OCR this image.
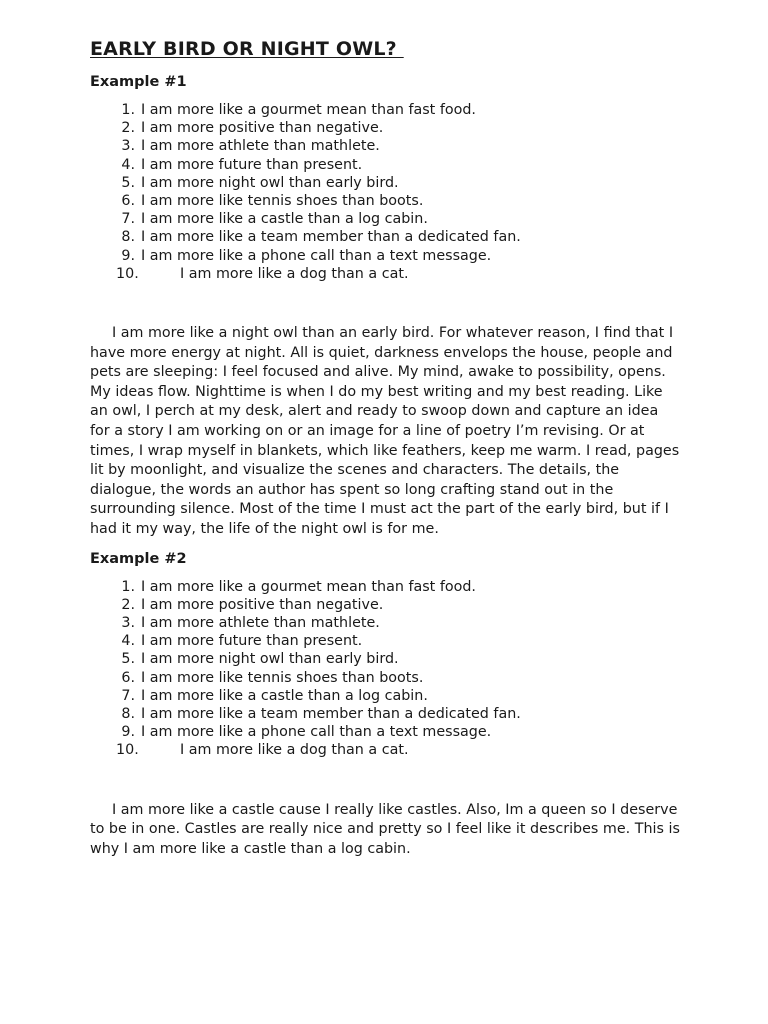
EARLY BIRD OR NIGHT OWL?
Example #1
1. I am more like a gourmet mean than fast food.
2. I am more positive than negative.
3. I am more athlete than mathlete.
4. I am more future than present.
5. I am more night owl than early bird.
6. I am more like tennis shoes than boots.
7. I am more like a castle than a log cabin.
8. I am more like a team member than a dedicated fan.
9. I am more like a phone call than a text message.
10.	I am more like a dog than a cat.

I am more like a night owl than an early bird. For whatever reason, I find that I have more energy at night. All is quiet, darkness envelops the house, people and pets are sleeping: I feel focused and alive. My mind, awake to possibility, opens. My ideas flow. Nighttime is when I do my best writing and my best reading. Like an owl, I perch at my desk, alert and ready to swoop down and capture an idea for a story I am working on or an image for a line of poetry I’m revising. Or at times, I wrap myself in blankets, which like feathers, keep me warm. I read, pages lit by moonlight, and visualize the scenes and characters. The details, the dialogue, the words an author has spent so long crafting stand out in the surrounding silence. Most of the time I must act the part of the early bird, but if I had it my way, the life of the night owl is for me.

Example #2
1. I am more like a gourmet mean than fast food.
2. I am more positive than negative.
3. I am more athlete than mathlete.
4. I am more future than present.
5. I am more night owl than early bird.
6. I am more like tennis shoes than boots.
7. I am more like a castle than a log cabin.
8. I am more like a team member than a dedicated fan.
9. I am more like a phone call than a text message.
10.	I am more like a dog than a cat.

I am more like a castle cause I really like castles. Also, Im a queen so I deserve to be in one. Castles are really nice and pretty so I feel like it describes me. This is why I am more like a castle than a log cabin.
